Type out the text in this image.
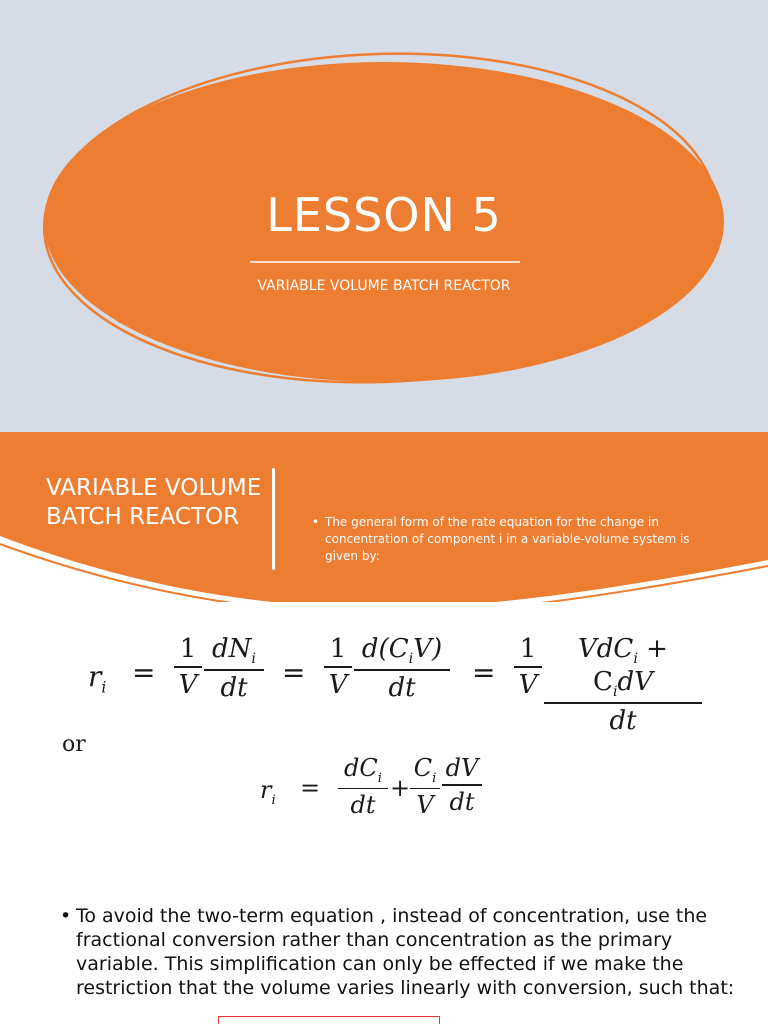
LESSON 5
VARIABLE VOLUME BATCH REACTOR
VARIABLE VOLUME BATCH REACTOR	• The general form of the rate equation for the change in concentration of component i in a variable-volume system is given by:
$r_i$ =
1
V
$dN_i$
dt	=
1
V
$d(C_iV)$
dt	=
1
V
$VdC_i + C_idV$
dt
or
$r_i$ =
$dC_i$
dt
+
$C_i$
V
dV
dt
• To avoid the two-term equation , instead of concentration, use the fractional conversion rather than concentration as the primary variable. This simplification can only be effected if we make the restriction that the volume varies linearly with conversion, such that:
